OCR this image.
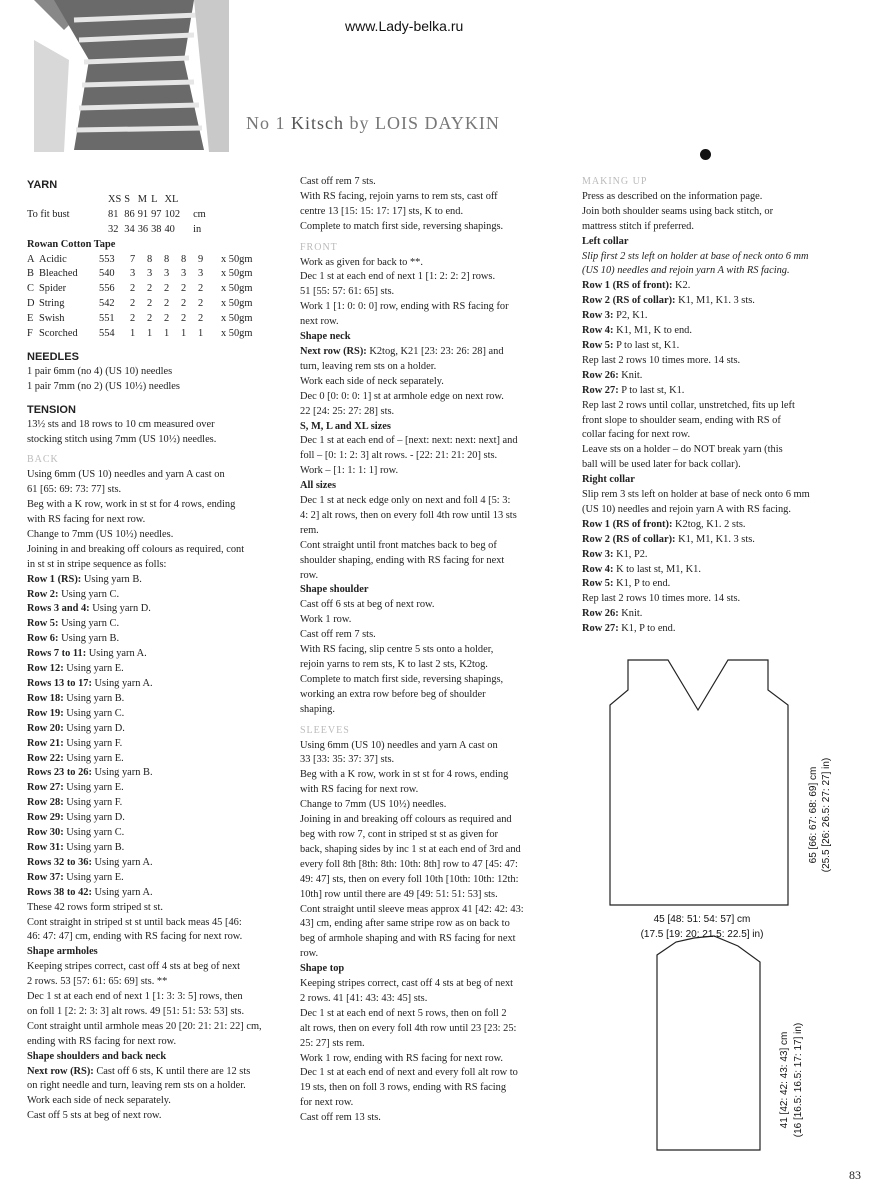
www.Lady-belka.ru
No 1 Kitsch by LOIS DAYKIN

YARN

	XS	S	M	L	XL	
To fit bust	81	86	91	97	102	cm
	32	34	36	38	40	in

Rowan Cotton Tape

A Acidic 553	7	8	8	8	9	x 50gm
B Bleached 540	3	3	3	3	3	x 50gm
C Spider 556	2	2	2	2	2	x 50gm
D String 542	2	2	2	2	2	x 50gm
E Swish 551	2	2	2	2	2	x 50gm
F Scorched 554	1	1	1	1	1	x 50gm

NEEDLES

1 pair 6mm (no 4) (US 10) needles

1 pair 7mm (no 2) (US 10½) needles

TENSION

13½ sts and 18 rows to 10 cm measured over

stocking stitch using 7mm (US 10½) needles.

BACK

Using 6mm (US 10) needles and yarn A cast on

61 [65: 69: 73: 77] sts.

Beg with a K row, work in st st for 4 rows, ending

with RS facing for next row.

Change to 7mm (US 10½) needles.

Joining in and breaking off colours as required, cont

in st st in stripe sequence as folls:

Row 1 (RS): Using yarn B.

Row 2: Using yarn C.

Rows 3 and 4: Using yarn D.

Row 5: Using yarn C.

Row 6: Using yarn B.

Rows 7 to 11: Using yarn A.

Row 12: Using yarn E.

Rows 13 to 17: Using yarn A.

Row 18: Using yarn B.

Row 19: Using yarn C.

Row 20: Using yarn D.

Row 21: Using yarn F.

Row 22: Using yarn E.

Rows 23 to 26: Using yarn B.

Row 27: Using yarn E.

Row 28: Using yarn F.

Row 29: Using yarn D.

Row 30: Using yarn C.

Row 31: Using yarn B.

Rows 32 to 36: Using yarn A.

Row 37: Using yarn E.

Rows 38 to 42: Using yarn A.

These 42 rows form striped st st.

Cont straight in striped st st until back meas 45 [46:

46: 47: 47] cm, ending with RS facing for next row.

Shape armholes

Keeping stripes correct, cast off 4 sts at beg of next

2 rows. 53 [57: 61: 65: 69] sts. **

Dec 1 st at each end of next 1 [1: 3: 3: 5] rows, then

on foll 1 [2: 2: 3: 3] alt rows. 49 [51: 51: 53: 53] sts.

Cont straight until armhole meas 20 [20: 21: 21: 22] cm,

ending with RS facing for next row.

Shape shoulders and back neck

Next row (RS): Cast off 6 sts, K until there are 12 sts

on right needle and turn, leaving rem sts on a holder.

Work each side of neck separately.

Cast off 5 sts at beg of next row.

Cast off rem 7 sts.

With RS facing, rejoin yarns to rem sts, cast off

centre 13 [15: 15: 17: 17] sts, K to end.

Complete to match first side, reversing shapings.

FRONT

Work as given for back to **.

Dec 1 st at each end of next 1 [1: 2: 2: 2] rows.

51 [55: 57: 61: 65] sts.

Work 1 [1: 0: 0: 0] row, ending with RS facing for

next row.

Shape neck

Next row (RS): K2tog, K21 [23: 23: 26: 28] and

turn, leaving rem sts on a holder.

Work each side of neck separately.

Dec 0 [0: 0: 0: 1] st at armhole edge on next row.

22 [24: 25: 27: 28] sts.

S, M, L and XL sizes

Dec 1 st at each end of – [next: next: next: next] and

foll – [0: 1: 2: 3] alt rows. - [22: 21: 21: 20] sts.

Work – [1: 1: 1: 1] row.

All sizes

Dec 1 st at neck edge only on next and foll 4 [5: 3:

4: 2] alt rows, then on every foll 4th row until 13 sts

rem.

Cont straight until front matches back to beg of

shoulder shaping, ending with RS facing for next

row.

Shape shoulder

Cast off 6 sts at beg of next row.

Work 1 row.

Cast off rem 7 sts.

With RS facing, slip centre 5 sts onto a holder,

rejoin yarns to rem sts, K to last 2 sts, K2tog.

Complete to match first side, reversing shapings,

working an extra row before beg of shoulder

shaping.

SLEEVES

Using 6mm (US 10) needles and yarn A cast on

33 [33: 35: 37: 37] sts.

Beg with a K row, work in st st for 4 rows, ending

with RS facing for next row.

Change to 7mm (US 10½) needles.

Joining in and breaking off colours as required and

beg with row 7, cont in striped st st as given for

back, shaping sides by inc 1 st at each end of 3rd and

every foll 8th [8th: 8th: 10th: 8th] row to 47 [45: 47:

49: 47] sts, then on every foll 10th [10th: 10th: 12th:

10th] row until there are 49 [49: 51: 51: 53] sts.

Cont straight until sleeve meas approx 41 [42: 42: 43:

43] cm, ending after same stripe row as on back to

beg of armhole shaping and with RS facing for next

row.

Shape top

Keeping stripes correct, cast off 4 sts at beg of next

2 rows. 41 [41: 43: 43: 45] sts.

Dec 1 st at each end of next 5 rows, then on foll 2

alt rows, then on every foll 4th row until 23 [23: 25:

25: 27] sts rem.

Work 1 row, ending with RS facing for next row.

Dec 1 st at each end of next and every foll alt row to

19 sts, then on foll 3 rows, ending with RS facing

for next row.

Cast off rem 13 sts.

MAKING UP

Press as described on the information page.

Join both shoulder seams using back stitch, or

mattress stitch if preferred.

Left collar

Slip first 2 sts left on holder at base of neck onto 6 mm

(US 10) needles and rejoin yarn A with RS facing.

Row 1 (RS of front): K2.

Row 2 (RS of collar): K1, M1, K1. 3 sts.

Row 3: P2, K1.

Row 4: K1, M1, K to end.

Row 5: P to last st, K1.

Rep last 2 rows 10 times more. 14 sts.

Row 26: Knit.

Row 27: P to last st, K1.

Rep last 2 rows until collar, unstretched, fits up left

front slope to shoulder seam, ending with RS of

collar facing for next row.

Leave sts on a holder – do NOT break yarn (this

ball will be used later for back collar).

Right collar

Slip rem 3 sts left on holder at base of neck onto 6 mm

(US 10) needles and rejoin yarn A with RS facing.

Row 1 (RS of front): K2tog, K1. 2 sts.

Row 2 (RS of collar): K1, M1, K1. 3 sts.

Row 3: K1, P2.

Row 4: K to last st, M1, K1.

Row 5: K1, P to end.

Rep last 2 rows 10 times more. 14 sts.

Row 26: Knit.

Row 27: K1, P to end.

65 [66: 67: 68: 69] cm (25.5 [26: 26.5: 27: 27] in)
45 [48: 51: 54: 57] cm
(17.5 [19: 20: 21.5: 22.5] in)
41 [42: 42: 43: 43] cm (16 [16.5: 16.5: 17: 17] in)
83
